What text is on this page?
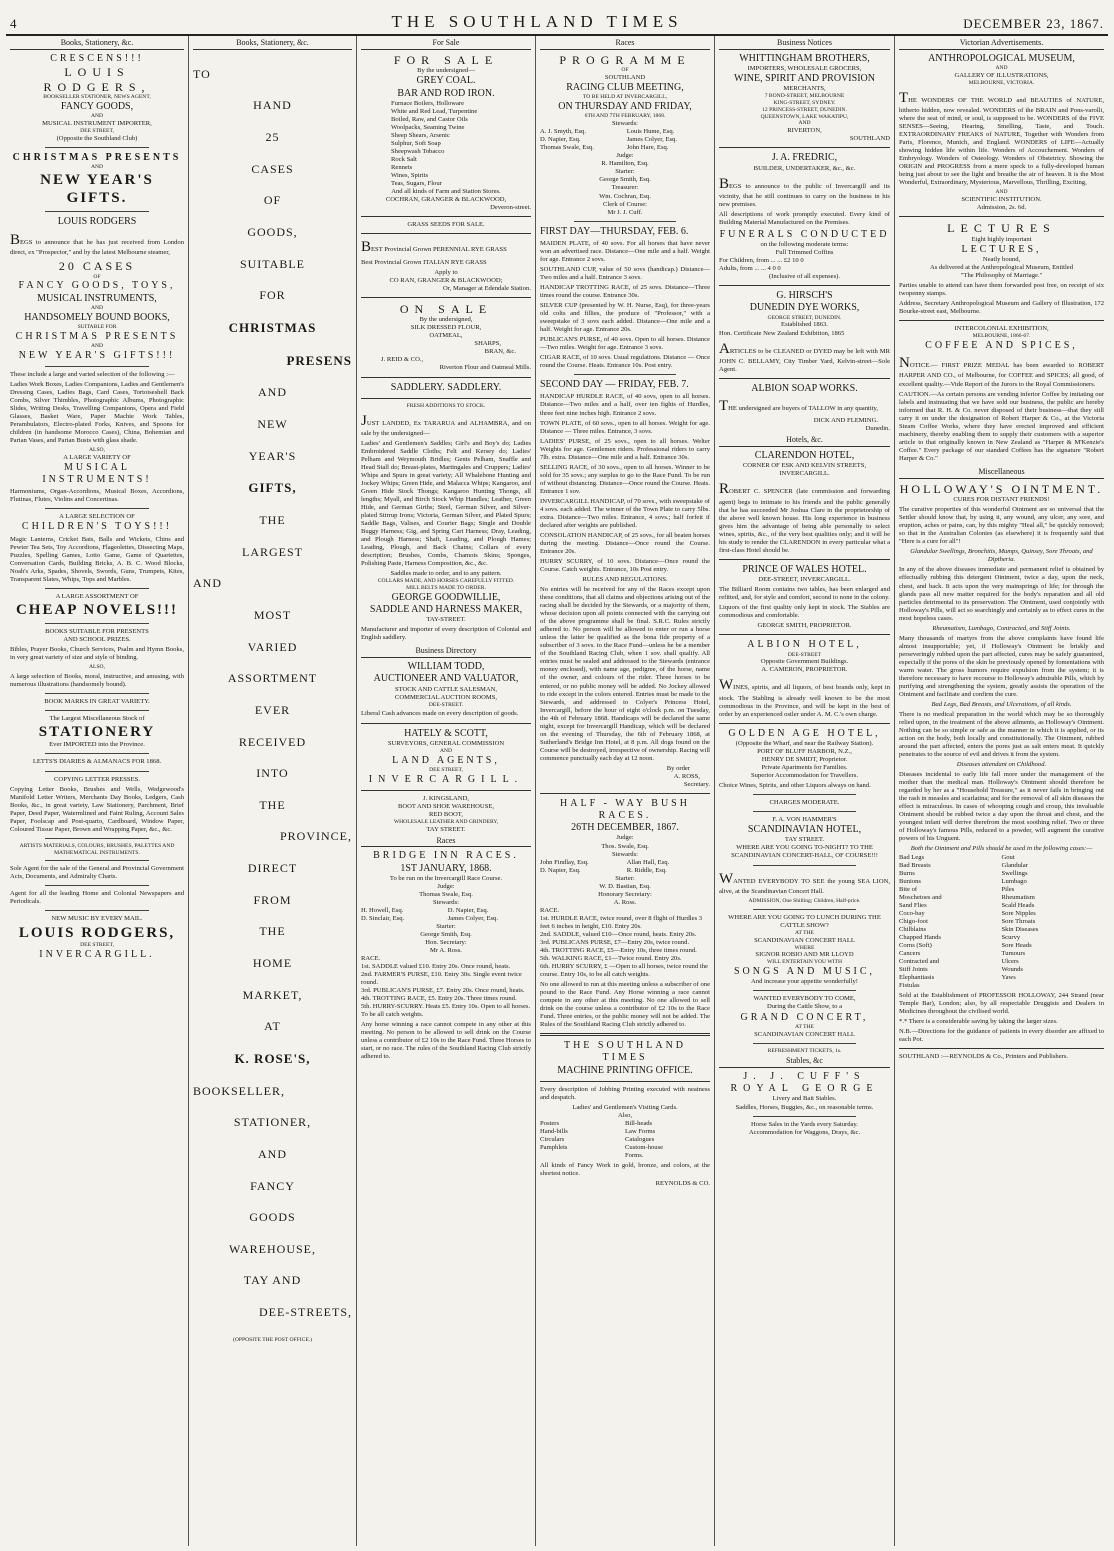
4	THE SOUTHLAND TIMES	DECEMBER 23, 1867.
Books, Stationery, &c.
CRESCENS!!!
LOUIS RODGERS,
BOOKSELLER STATIONER, NEWS AGENT,
FANCY GOODS,
AND
MUSICAL INSTRUMENT IMPORTER,
DEE STREET,
(Opposite the Southland Club)
CHRISTMAS PRESENTS
AND
NEW YEAR'S GIFTS.
LOUIS RODGERS

BEGS to announce that he has just received from London direct, ex "Prospector," and by the latest Melbourne steamer,

20 CASES
OF
FANCY GOODS, TOYS,
MUSICAL INSTRUMENTS,
AND
HANDSOMELY BOUND BOOKS,
SUITABLE FOR
CHRISTMAS PRESENTS
AND
NEW YEAR'S GIFTS!!!

These include a large and varied selection of the following :—

Ladies Work Boxes, Ladies Companions, Ladies and Gentlemen's Dressing Cases, Ladies Bags, Card Cases, Tortoiseshell Back Combs, Silver Thimbles, Photographic Albums, Photographic Slides, Writing Desks, Travelling Companions, Opera and Field Glasses, Basket Ware, Paper Machie Work Tables, Perambulators, Electro-plated Forks, Knives, and Spoons for children (in handsome Morocco Cases), China, Bohemian and Parian Vases, and Parian Busts with glass shade.

ALSO,
A LARGE VARIETY OF
MUSICAL INSTRUMENTS!

Harmoniums, Organ-Accordions, Musical Boxes, Accordions, Flutinas, Flutes, Violins and Concertinas.

A LARGE SELECTION OF
CHILDREN'S TOYS!!!

Magic Lanterns, Cricket Bats, Balls and Wickets, Chins and Pewter Tea Sets, Toy Accordions, Flageolettes, Dissecting Maps, Puzzles, Spelling Games, Lotto Game, Game of Quartettes, Conversation Cards, Building Bricks, A. B. C. Wood Blocks, Noah's Arks, Spades, Shovels, Swords, Guns, Trumpets, Kites, Transparent Slates, Whips, Tops and Marbles.

A LARGE ASSORTMENT OF
CHEAP NOVELS!!!
BOOKS SUITABLE FOR PRESENTS
AND SCHOOL PRIZES.

Bibles, Prayer Books, Church Services, Psalm and Hymn Books, in very great variety of size and style of binding.

ALSO,

A large selection of Books, moral, instructive, and amusing, with numerous illustrations (handsomely bound).

BOOK MARKS IN GREAT VARIETY.
The Largest Miscellaneous Stock of
STATIONERY
Ever IMPORTED into the Province.
LETTS'S DIARIES & ALMANACS FOR 1868.
COPYING LETTER PRESSES.

Copying Letter Books, Brushes and Wells, Wedgewood's Manifold Letter Writers, Merchants Day Books, Ledgers, Cash Books, &c., in great variety, Law Stationery, Parchment, Brief Paper, Deed Paper, Watermlined and Faint Ruling, Account Sales Paper, Foolscap and Post-quarto, Cardboard, Window Paper, Coloured Tissue Paper, Brown and Wrapping Paper, &c., &c.

ARTISTS MATERIALS, COLOURS, BRUSHES, PALETTES AND MATHEMATICAL INSTRUMENTS.

Sole Agent for the sale of the General and Provincial Government Acts, Documents, and Admiralty Charts.

Agent for all the leading Home and Colonial Newspapers and Periodicals.

NEW MUSIC BY EVERY MAIL.
LOUIS RODGERS,
DEE STREET,
INVERCARGILL.
Books, Stationery, &c.
TO
HAND
25
CASES
OF
GOODS,
SUITABLE
FOR
CHRISTMAS
PRESENS
AND
NEW
YEAR'S
GIFTS,
THE
LARGEST
AND
MOST
VARIED
ASSORTMENT
EVER
RECEIVED
INTO
THE
PROVINCE,
DIRECT
FROM
THE
HOME
MARKET,
AT
K. ROSE'S,
BOOKSELLER,
STATIONER,
AND
FANCY
GOODS
WAREHOUSE,
TAY AND
DEE-STREETS,
(OPPOSITE THE POST OFFICE.)
For Sale
FOR SALE
By the undersigned—
GREY COAL.
BAR AND ROD IRON.
Furnace Boilers, Holloware
White and Red Lead, Turpentine
Boiled, Raw, and Castor Oils
Woolpacks, Seaming Twine
Sheep Shears, Arsenic
Sulphur, Soft Soap
Sheepwash Tobacco
Rock Salt
Rennets
Wines, Spirits
Teas, Sugars, Flour
And all kinds of Farm and Station Stores.
COCHRAN, GRANGER & BLACKWOOD,
Deveron-street.
GRASS SEEDS FOR SALE.

BEST Provincial Grown PERENNIAL RYE GRASS

Best Provincial Grown ITALIAN RYE GRASS

Apply to
CO RAN, GRANGER & BLACKWOOD;
Or, Manager at Edendale Station.
ON SALE
By the undersigned,
SILK DRESSED FLOUR,
OATMEAL,
SHARPS,
BRAN, &c.
J. REID & CO.,
Riverton Flour and Oatmeal Mills.
SADDLERY. SADDLERY.
FRESH ADDITIONS TO STOCK.

JUST LANDED, Ex TARARUA and ALHAMBRA, and on sale by the undersigned—

Ladies' and Gentlemen's Saddles; Girl's and Boy's do; Ladies Embroidered Saddle Cloths; Felt and Kersey do; Ladies' Pelham and Weymouth Bridles; Gents Pelham, Snaffle and Head Stall do; Breast-plates, Martingales and Cruppers; Ladies' Whips and Spurs in great variety; All Whalebone Hunting and Jockey Whips; Green Hide, and Malacca Whips; Kangaroo, and Green Hide Stock Thongs; Kangaroo Hunting Thongs, all lengths; Myall, and Birch Stock Whip Handles; Leather, Green Hide, and German Girths; Steel, German Silver, and Silver-plated Stirrup Irons; Victoria, German Silver, and Plated Spurs; Saddle Bags, Valises, and Courier Bags; Single and Double Buggy Harness; Gig, and Spring Cart Harness; Dray, Leading, and Plough Harness; Shaft, Leading, and Plough Hames; Leading, Plough, and Back Chains; Collars of every description; Brushes, Combs, Chamois Skins; Sponges, Polishing Paste, Harness Composition, &c., &c.

Saddles made to order, and to any pattern.
COLLARS MADE, AND HORSES CAREFULLY FITTED.
MILL BELTS MADE TO ORDER.
GEORGE GOODWILLIE,
SADDLE AND HARNESS MAKER,
TAY-STREET.

Manufacturer and importer of every description of Colonial and English saddlery.

Business Directory
WILLIAM TODD,
AUCTIONEER AND VALUATOR,
STOCK AND CATTLE SALESMAN,
COMMERCIAL AUCTION ROOMS,
DEE-STREET.

Liberal Cash advances made on every description of goods.

HATELY & SCOTT,
SURVEYORS, GENERAL COMMISSION
AND
LAND AGENTS,
DEE STREET,
INVERCARGILL.
J. KINGSLAND,
BOOT AND SHOE WAREHOUSE,
RED BOOT,
WHOLESALE LEATHER AND GRINDERY,
TAY STREET.
Races
BRIDGE INN RACES.
1ST JANUARY, 1868.
To be run on the Invercargill Race Course.
Judge:
Thomas Swale, Esq.
Stewards:
H. Howell, Esq.	D. Napier, Esq.
D. Sinclair, Esq.	James Colyer, Esq.
Starter:
George Smith, Esq.
Hon. Secretary:
Mr A. Ross.
RACE.
1st. SADDLE valued £10. Entry 20s. Once round, heats.
2nd. FARMER'S PURSE, £10. Entry 30s. Single event twice round.
3rd. PUBLICAN'S PURSE, £7. Entry 20s. Once round, heats.
4th. TROTTING RACE, £5. Entry 20s. Three times round.
5th. HURRY-SCURRY. Heats £5. Entry 10s. Open to all horses. To be all catch weights.

Any horse winning a race cannot compete in any other at this meeting. No person to be allowed to sell drink on the Course unless a contributor of £2 10s to the Race Fund. Three Horses to start, or no race. The rules of the Southland Racing Club strictly adhered to.

Races
PROGRAMME
OF
SOUTHLAND
RACING CLUB MEETING,
TO BE HELD AT INVERCARGILL,
ON THURSDAY AND FRIDAY,
6TH AND 7TH FEBRUARY, 1868.
Stewards:
A. J. Smyth, Esq.	Louis Hume, Esq.
D. Napier, Esq.	James Colyer, Esq.
Thomas Swale, Esq.	John Hare, Esq.
Judge:
R. Hamilton, Esq.
Starter:
George Smith, Esq.
Treasurer:
Wm. Cochran, Esq.
Clerk of Course:
Mr J. J. Cuff.
FIRST DAY—THURSDAY, FEB. 6.

MAIDEN PLATE, of 40 sovs. For all horses that have never won an advertised race. Distance—One mile and a half. Weight for age. Entrance 2 sovs.

SOUTHLAND CUP, value of 50 sovs (handicap.) Distance—Two miles and a half. Entrance 3 sovs.

HANDICAP TROTTING RACE, of 25 sovs. Distance—Three times round the course. Entrance 30s.

SILVER CUP (presented by W. H. Nurse, Esq), for three-years old colts and fillies, the produce of "Professor," with a sweepstake of 3 sovs each added. Distance—One mile and a half. Weight for age. Entrance 20s.

PUBLICAN'S PURSE, of 40 sovs. Open to all horses. Distance—Two miles. Weight for age. Entrance 3 sovs.

CIGAR RACE, of 10 sovs. Usual regulations. Distance — Once round the Course. Heats. Entrance 10s. Post entry.

SECOND DAY — FRIDAY, FEB. 7.

HANDICAP HURDLE RACE, of 40 sovs, open to all horses. Distance—Two miles and a half, over ten fights of Hurdles, three feet nine inches high. Entrance 2 sovs.

TOWN PLATE, of 60 sovs., open to all horses. Weight for age. Distance — Three miles. Entrance, 3 sovs.

LADIES' PURSE, of 25 sovs., open to all horses. Welter Weights for age. Gentlemen riders. Professional riders to carry 7lb. extra. Distance—One mile and a half. Entrance 30s.

SELLING RACE, of 30 sovs., open to all horses. Winner to be sold for 35 sovs.; any surplus to go to the Race Fund. To be run of without distancing. Distance—Once round the Course. Heats. Entrance 1 sov.

INVERCARGILL HANDICAP, of 70 sovs., with sweepstake of 4 sovs. each added. The winner of the Town Plate to carry 5lbs. extra. Distance—Two miles. Entrance, 4 sovs.; half forfeit if declared after weights are published.

CONSOLATION HANDICAP, of 25 sovs., for all beaten horses during the meeting. Distance—Once round the Course. Entrance 20s.

HURRY SCURRY, of 10 sovs. Distance—Once round the Course. Catch weights. Entrance, 10s Post entry.

RULES AND REGULATIONS.

No entries will be received for any of the Races except upon these conditions, that all claims and objections arising out of the racing shall be decided by the Stewards, or a majority of them, whose decision upon all points connected with the carrying out of the above programme shall be final. S.R.C. Rules strictly adhered to. No person will be allowed to enter or run a horse unless the latter be qualified as the bona fide property of a subscriber of 3 sovs. to the Race Fund—unless he be a member of the Southland Racing Club, when 1 sov. shall qualify. All entries must be sealed and addressed to the Stewards (entrance money enclosed), with name age, pedigree, of the horse, name of the owner, and colours of the rider. Three horses to be entered, or no public money will be added. No Jockey allowed to ride except in the colors entered. Entries must be made to the Stewards, and addressed to Colyer's Princess Hotel, Invercargill, before the hour of eight o'clock p.m. on Tuesday, the 4th of February 1868. Handicaps will be declared the same night, except for Invercargill Handicap, which will be declared on the evening of Thursday, the 6th of February 1868, at Sutherland's Bridge Inn Hotel, at 8 p.m. All dogs found on the Course will be destroyed, irrespective of ownership. Racing will commence punctually each day at 12 noon.

By order
A. ROSS,
Secretary.
HALF - WAY BUSH RACES.
26TH DECEMBER, 1867.
Judge:
Thos. Swale, Esq.
Stewards:
John Findlay, Esq.	Allan Hall, Esq.
D. Napier, Esq.	R. Riddle, Esq.
Starter:
W. D. Bastian, Esq.
Honorary Secretary:
A. Ross.
RACE.
1st. HURDLE RACE, twice round, over 8 flight of Hurdles 3 feet 6 inches in height, £10. Entry 20s.
2nd. SADDLE, valued £10—Once round, heats. Entry 20s.
3rd. PUBLICANS PURSE, £7—Entry 20s, twice round.
4th. TROTTING RACE, £5—Entry 10s, three times round.
5th. WALKING RACE, £1—Twice round. Entry 20s.
6th. HURRY SCURRY, £ —Open to all horses, twice round the course. Entry 10s, to be all catch weights.

No one allowed to run at this meeting unless a subscriber of one pound to the Race Fund. Any Horse winning a race cannot compete in any other at this meeting. No one allowed to sell drink on the course unless a contributor of £2 10s to the Race Fund. Three entries, or the public money will not be added. The Rules of the Southland Racing Club strictly adhered to.

THE SOUTHLAND TIMES
MACHINE PRINTING OFFICE.

Every description of Jobbing Printing executed with neatness and despatch.

Ladies' and Gentlemen's Visiting Cards.
Also,
Posters
Hand-bills
Circulars
Pamphlets
Bill-heads
Law Forms
Catalogues
Custom-house Forms.

All kinds of Fancy Work in gold, bronze, and colors, at the shortest notice.

REYNOLDS & CO.
Business Notices
WHITTINGHAM BROTHERS,
IMPORTERS, WHOLESALE GROCERS,
WINE, SPIRIT AND PROVISION
MERCHANTS,
7 BOND-STREET, MELBOURNE
KING-STREET, SYDNEY.
12 PRINCESS-STREET, DUNEDIN.
QUEENSTOWN, LAKE WAKATIPU,
AND
RIVERTON,
SOUTHLAND
J. A. FREDRIC,
BUILDER, UNDERTAKER, &c., &c.

BEGS to announce to the public of Invercargill and its vicinity, that he still continues to carry on the business in his new premises.

All descriptions of work promptly executed. Every kind of Building Material Manufactured on the Premises.

FUNERALS CONDUCTED
on the following moderate terms:
Full Trimmed Coffins
For Children, from ... ... £2 10 0
Adults, from ... ... 4 0 0
(Inclusive of all expenses).
G. HIRSCH'S
DUNEDIN DYE WORKS,
GEORGE STREET, DUNEDIN.
Established 1863.
Hon. Certificate New Zealand Exhibition, 1865

ARTICLES to be CLEANED or DYED may be left with MR JOHN C. BELLAMY, City Timber Yard, Kelvin-street—Sole Agent.

ALBION SOAP WORKS.

THE undersigned are buyers of TALLOW in any quantity,

DICK AND FLEMING.
Dunedin.
Hotels, &c.
CLARENDON HOTEL,
CORNER OF ESK AND KELVIN STREETS,
INVERCARGILL.

ROBERT C. SPENCER (late commission and forwarding agent) begs to intimate to his friends and the public generally that he has succeeded Mr Joshua Clare in the proprietorship of the above well known house. His long experience in business gives him the advantage of being able personally to select wines, spirits, &c., of the very best qualities only; and it will be his study to render the CLARENDON in every particular what a first-class Hotel should be.

PRINCE OF WALES HOTEL.
DEE-STREET, INVERCARGILL.

The Billiard Room contains two tables, has been enlarged and refitted, and, for style and comfort, second to none in the colony.

Liquors of the first quality only kept in stock. The Stables are commodious and comfortable.

GEORGE SMITH, PROPRIETOR.
ALBION HOTEL,
DEE-STREET
Opposite Government Buildings.
A. CAMERON, PROPRIETOR.

WINES, spirits, and all liquors, of best brands only, kept in stock. The Stabling is already well known to be the most commodious in the Province, and will be kept in the best of order by an experienced ostler under A. M. C.'s own charge.

GOLDEN AGE HOTEL,
(Opposite the Wharf, and near the Railway Station).
PORT OF BLUFF HARBOR, N.Z.,
HENRY DE SMIDT, Proprietor.
Private Apartments for Families.
Superior Accommodation for Travellers.

Choice Wines, Spirits, and other Liquors always on hand.

CHARGES MODERATE.
F. A. VON HAMMER'S
SCANDINAVIAN HOTEL,
TAY STREET.
WHERE ARE YOU GOING TO-NIGHT? TO THE SCANDINAVIAN CONCERT-HALL, OF COURSE!!!

WANTED EVERYBODY TO SEE the young SEA LION, alive, at the Scandinavian Concert Hall.

ADMISSION, One Shilling; Children, Half-price.
WHERE ARE YOU GOING TO LUNCH DURING THE CATTLE SHOW?
AT THE
SCANDINAVIAN CONCERT HALL
WHERE
SIGNOR ROBIO AND MR LLOYD
WILL ENTERTAIN YOU WITH
SONGS AND MUSIC,
And increase your appetite wonderfully!
WANTED EVERYBODY TO COME,
During the Cattle Show, to a
GRAND CONCERT,
AT THE
SCANDINAVIAN CONCERT HALL
REFRESHMENT TICKETS, 1s.
Stables, &c
J. J. CUFF'S
ROYAL GEORGE
Livery and Bait Stables.
Saddles, Horses, Buggies, &c., on reasonable terms.
Horse Sales in the Yards every Saturday.
Accommodation for Waggons, Drays, &c.
Victorian Advertisements.
ANTHROPOLOGICAL MUSEUM,
AND
GALLERY OF ILLUSTRATIONS,
MELBOURNE, VICTORIA.

THE WONDERS OF THE WORLD and BEAUTIES of NATURE, hitherto hidden, now revealed. WONDERS of the BRAIN and Pons-varolli, where the seat of mind, or soul, is supposed to be. WONDERS of the FIVE SENSES—Seeing, Hearing, Smelling, Taste, and Touch. EXTRAORDINARY FREAKS of NATURE, Together with Wonders from Paris, Florence, Munich, and England. WONDERS of LIFE—Actually showing hidden life within life. Wonders of Accouchement. Wonders of Embryology. Wonders of Osteology. Wonders of Obstetricy. Showing the ORIGIN and PROGRESS from a mere speck to a fully-developed human being just about to see the light and breathe the air of heaven. It is the Most Wonderful, Extraordinary, Mysterious, Marvellous, Thrilling, Exciting,

AND
SCIENTIFIC INSTITUTION.
Admission, 2s. 6d.
LECTURES
Eight highly important
LECTURES,
Neatly bound,
As delivered at the Anthropological Museum, Entitled
"The Philosophy of Marriage."

Parties unable to attend can have them forwarded post free, on receipt of six twopenny stamps.

Address, Secretary Anthropological Museum and Gallery of Illustration, 172 Bourke-street east, Melbourne.

INTERCOLONIAL EXHIBITION,
MELBOURNE, 1866-67.
COFFEE AND SPICES,

NOTICE.— FIRST PRIZE MEDAL has been awarded to ROBERT HARPER AND CO., of Melbourne, for COFFEE and SPICES; all good, of excellent quality.—Vide Report of the Jurors to the Royal Commissioners.

CAUTION.—As certain persons are vending inferior Coffee by imitating our labels and insinuating that we have sold our business, the public are hereby informed that R. H. & Co. never disposed of their business—that they still carry it on under the designation of Robert Harper & Co., at the Victoria Steam Coffee Works, where they have erected improved and efficient machinery, thereby enabling them to supply their customers with a superior article to that originally known in New Zealand as "Harper & M'Kenzie's Coffee." Every package of our standard Coffees has the signature "Robert Harper & Co."

Miscellaneous
HOLLOWAY'S OINTMENT.
CURES FOR DISTANT FRIENDS!

The curative properties of this wonderful Ointment are so universal that the Settler should know that, by using it, any wound, any ulcer, any sore, and eruption, aches or pains, can, by this mighty "Heal all," be quickly removed; so that in the Australian Colonies (as elsewhere) it is frequently said that "Here is a cure for all"!

Glandular Swellings, Bronchitis, Mumps, Quinsey, Sore Throats, and Diptheria.

In any of the above diseases immediate and permanent relief is obtained by effectually rubbing this detergent Ointment, twice a day, upon the neck, chest, and back. It acts upon the very mainsprings of life; for through the glands pass all new matter required for the body's reparation and all old particles detrimental to its preservation. The Ointment, used conjointly with Holloway's Pills, will act so searchingly and certainly as to effect cures in the most hopeless cases.

Rheumatism, Lumbago, Contracted, and Stiff Joints.

Many thousands of martyrs from the above complaints have found life almost insupportable; yet, if Holloway's Ointment be briskly and perseveringly rubbed upon the part affected, cures may be safely guaranteed, especially if the pores of the skin be previously opened by fomentations with warm water. The gross humors require expulsion from the system; it is therefore necessary to have recourse to Holloway's admirable Pills, which by purifying and strengthening the system, greatly assists the operation of the Ointment and facilitate and confirm the cure.

Bad Legs, Bad Breasts, and Ulcerations, of all kinds.

There is no medical preparation in the world which may be so thoroughly relied upon, in the treatment of the above ailments, as Holloway's Ointment. Nothing can be so simple or safe as the manner in which it is applied, or its action on the body, both locally and constitutionally. The Ointment, rubbed around the part affected, enters the pores just as salt enters meat. It quickly penetrates to the source of evil and drives it from the system.

Diseases attendant on Childhood.

Diseases incidental to early life fall more under the management of the mother than the medical man. Holloway's Ointment should therefore be regarded by her as a "Household Treasure," as it never fails in bringing out the rash in measles and scarlatina; and for the removal of all skin diseases the effect is miraculous. In cases of whooping cough and croup, this invaluable Ointment should be rubbed twice a day upon the throat and chest, and the youngest infant will derive therefrom the most soothing relief. Two or three of Holloway's famous Pills, reduced to a powder, will augment the curative powers of his Unguent.

Both the Ointment and Pills should be used in the following cases:—
Bad Legs
Bad Breasts
Burns
Bunions
Bite of Moschetoes and Sand Flies
Coco-bay
Chigo-foot
Chilblains
Chapped Hands
Corns (Soft)
Cancers
Contracted and Stiff Joints
Elephantiasis
Fistulas
Gout
Glandular Swellings
Lumbago
Piles
Rheumatism
Scald Heads
Sore Nipples
Sore Throats
Skin Diseases
Scurvy
Sore Heads
Tumours
Ulcers
Wounds
Yaws

Sold at the Establishment of PROFESSOR HOLLOWAY, 244 Strand (near Temple Bar), London; also, by all respectable Druggists and Dealers in Medicines throughout the civilised world.

*.* There is a considerable saving by taking the larger sizes.

N.B.—Directions for the guidance of patients in every disorder are affixed to each Pot.

SOUTHLAND :—REYNOLDS & Co., Printers and Publishers.
